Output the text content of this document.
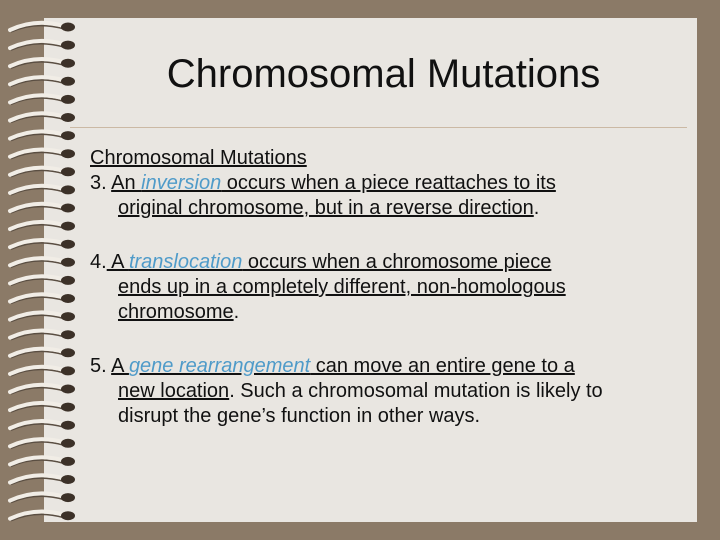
Chromosomal Mutations
Chromosomal Mutations
3. An inversion occurs when a piece reattaches to its
original chromosome, but in a reverse direction.
4. A translocation occurs when a chromosome piece
ends up in a completely different, non-homologous
chromosome.
5. A gene rearrangement can move an entire gene to a
new location. Such a chromosomal mutation is likely to
disrupt the gene’s function in other ways.
